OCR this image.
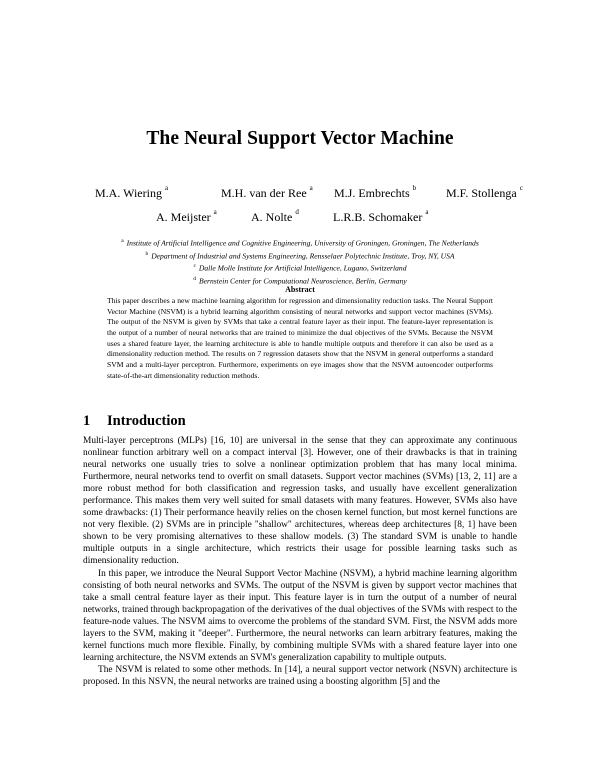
The Neural Support Vector Machine
M.A. Wiering $^a$	M.H. van der Ree $^a$ M.J. Embrechts $^b$ M.F. Stollenga $^c$
A. Meijster $^a$	A. Nolte $^d$	L.R.B. Schomaker $^a$
$^a$ Institute of Artificial Intelligence and Cognitive Engineering, University of Groningen, Groningen, The Netherlands
$^b$ Department of Industrial and Systems Engineering, Rensselaer Polytechnic Institute, Troy, NY, USA
$^c$ Dalle Molle Institute for Artificial Intelligence, Lugano, Switzerland
$^d$ Bernstein Center for Computational Neuroscience, Berlin, Germany
Abstract
This paper describes a new machine learning algorithm for regression and dimensionality reduction tasks. The Neural Support Vector Machine (NSVM) is a hybrid learning algorithm consisting of neural networks and support vector machines (SVMs). The output of the NSVM is given by SVMs that take a central feature layer as their input. The feature-layer representation is the output of a number of neural networks that are trained to minimize the dual objectives of the SVMs. Because the NSVM uses a shared feature layer, the learning architecture is able to handle multiple outputs and therefore it can also be used as a dimensionality reduction method. The results on 7 regression datasets show that the NSVM in general outperforms a standard SVM and a multi-layer perceptron. Furthermore, experiments on eye images show that the NSVM autoencoder outperforms state-of-the-art dimensionality reduction methods.
1 Introduction

Multi-layer perceptrons (MLPs) [16, 10] are universal in the sense that they can approximate any continuous nonlinear function arbitrary well on a compact interval [3]. However, one of their drawbacks is that in training neural networks one usually tries to solve a nonlinear optimization problem that has many local minima. Furthermore, neural networks tend to overfit on small datasets. Support vector machines (SVMs) [13, 2, 11] are a more robust method for both classification and regression tasks, and usually have excellent generalization performance. This makes them very well suited for small datasets with many features. However, SVMs also have some drawbacks: (1) Their performance heavily relies on the chosen kernel function, but most kernel functions are not very flexible. (2) SVMs are in principle "shallow" architectures, whereas deep architectures [8, 1] have been shown to be very promising alternatives to these shallow models. (3) The standard SVM is unable to handle multiple outputs in a single architecture, which restricts their usage for possible learning tasks such as dimensionality reduction.

In this paper, we introduce the Neural Support Vector Machine (NSVM), a hybrid machine learning algorithm consisting of both neural networks and SVMs. The output of the NSVM is given by support vector machines that take a small central feature layer as their input. This feature layer is in turn the output of a number of neural networks, trained through backpropagation of the derivatives of the dual objectives of the SVMs with respect to the feature-node values. The NSVM aims to overcome the problems of the standard SVM. First, the NSVM adds more layers to the SVM, making it "deeper". Furthermore, the neural networks can learn arbitrary features, making the kernel functions much more flexible. Finally, by combining multiple SVMs with a shared feature layer into one learning architecture, the NSVM extends an SVM's generalization capability to multiple outputs.

The NSVM is related to some other methods. In [14], a neural support vector network (NSVN) architecture is proposed. In this NSVN, the neural networks are trained using a boosting algorithm [5] and the
